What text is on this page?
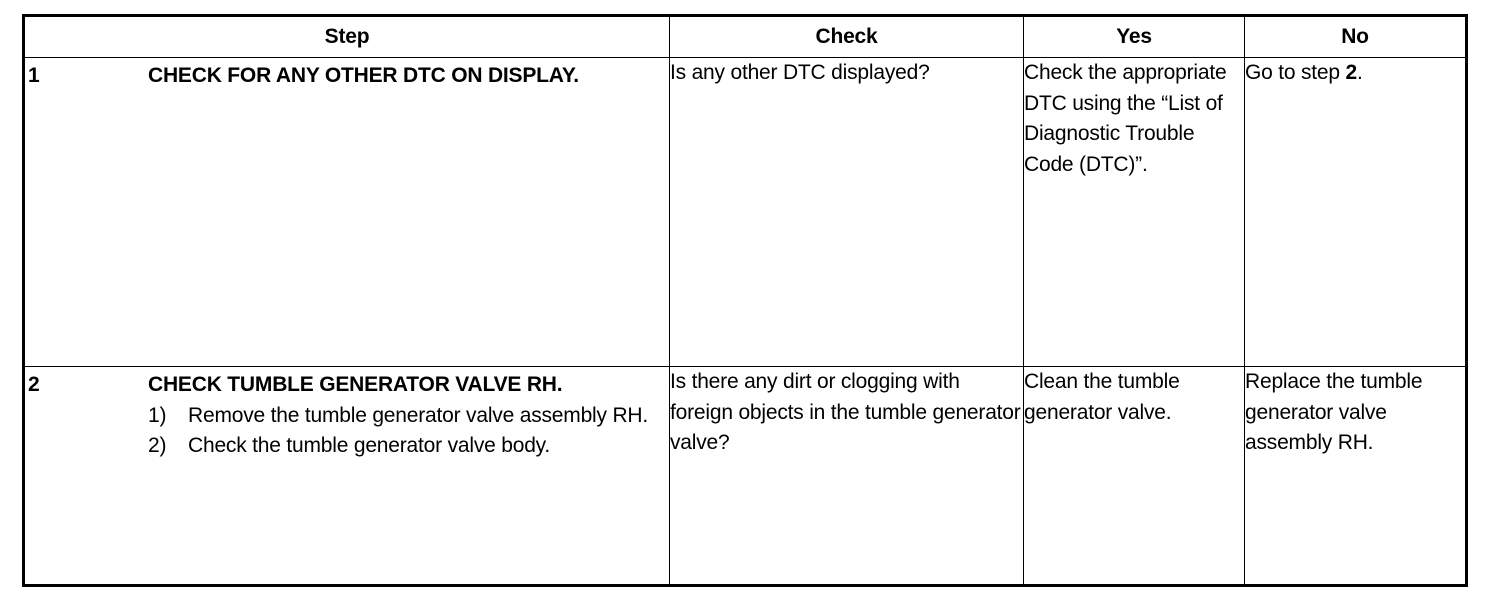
Step	Check	Yes	No

1 CHECK FOR ANY OTHER DTC ON DISPLAY.	Is any other DTC displayed?	Check the appropriate DTC using the “List of Diagnostic Trouble Code (DTC)”.	Go to step 2.

2 CHECK TUMBLE GENERATOR VALVE RH.
1) Remove the tumble generator valve assembly RH.
2) Check the tumble generator valve body.	Is there any dirt or clogging with foreign objects in the tumble generator valve?	Clean the tumble generator valve.	Replace the tumble generator valve assembly RH.
